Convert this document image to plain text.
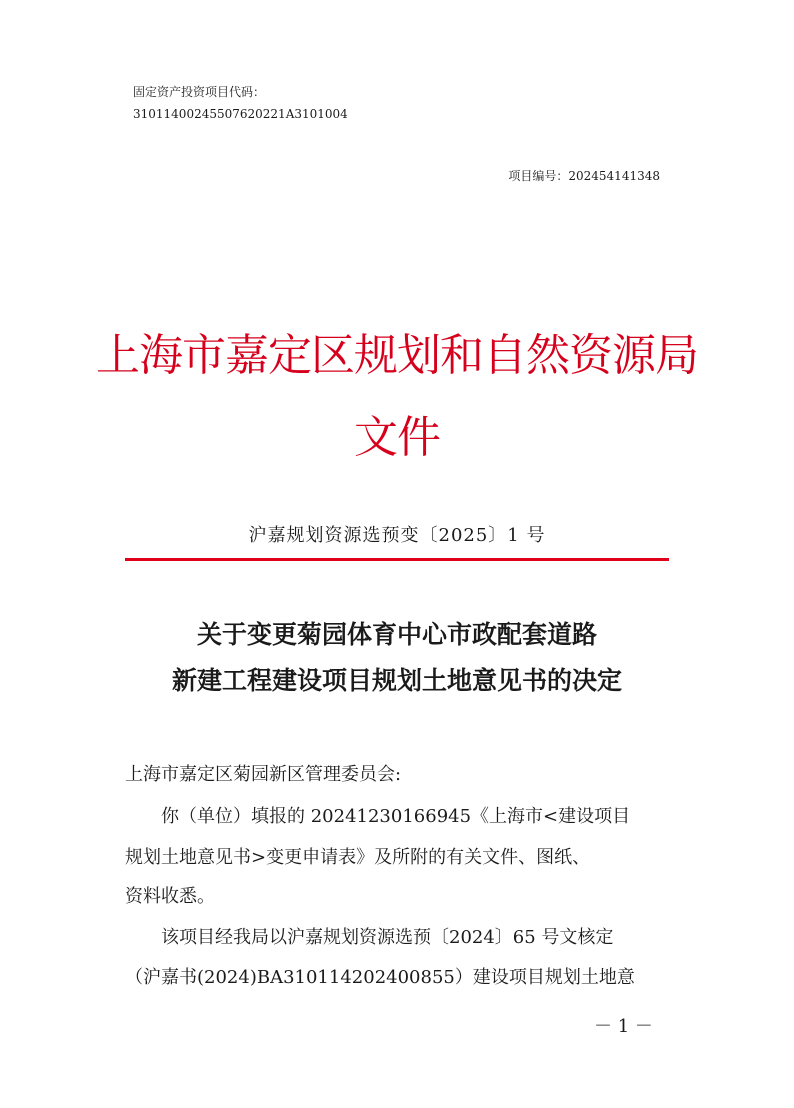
固定资产投资项目代码：
31011400245507620221A3101004
项目编号：202454141348
上海市嘉定区规划和自然资源局
文件
沪嘉规划资源选预变〔2025〕1 号
关于变更菊园体育中心市政配套道路
新建工程建设项目规划土地意见书的决定
上海市嘉定区菊园新区管理委员会:
你（单位）填报的 20241230166945《上海市<建设项目
规划土地意见书>变更申请表》及所附的有关文件、图纸、
资料收悉。
该项目经我局以沪嘉规划资源选预〔2024〕65 号文核定
（沪嘉书(2024)BA310114202400855）建设项目规划土地意
－ 1 －
